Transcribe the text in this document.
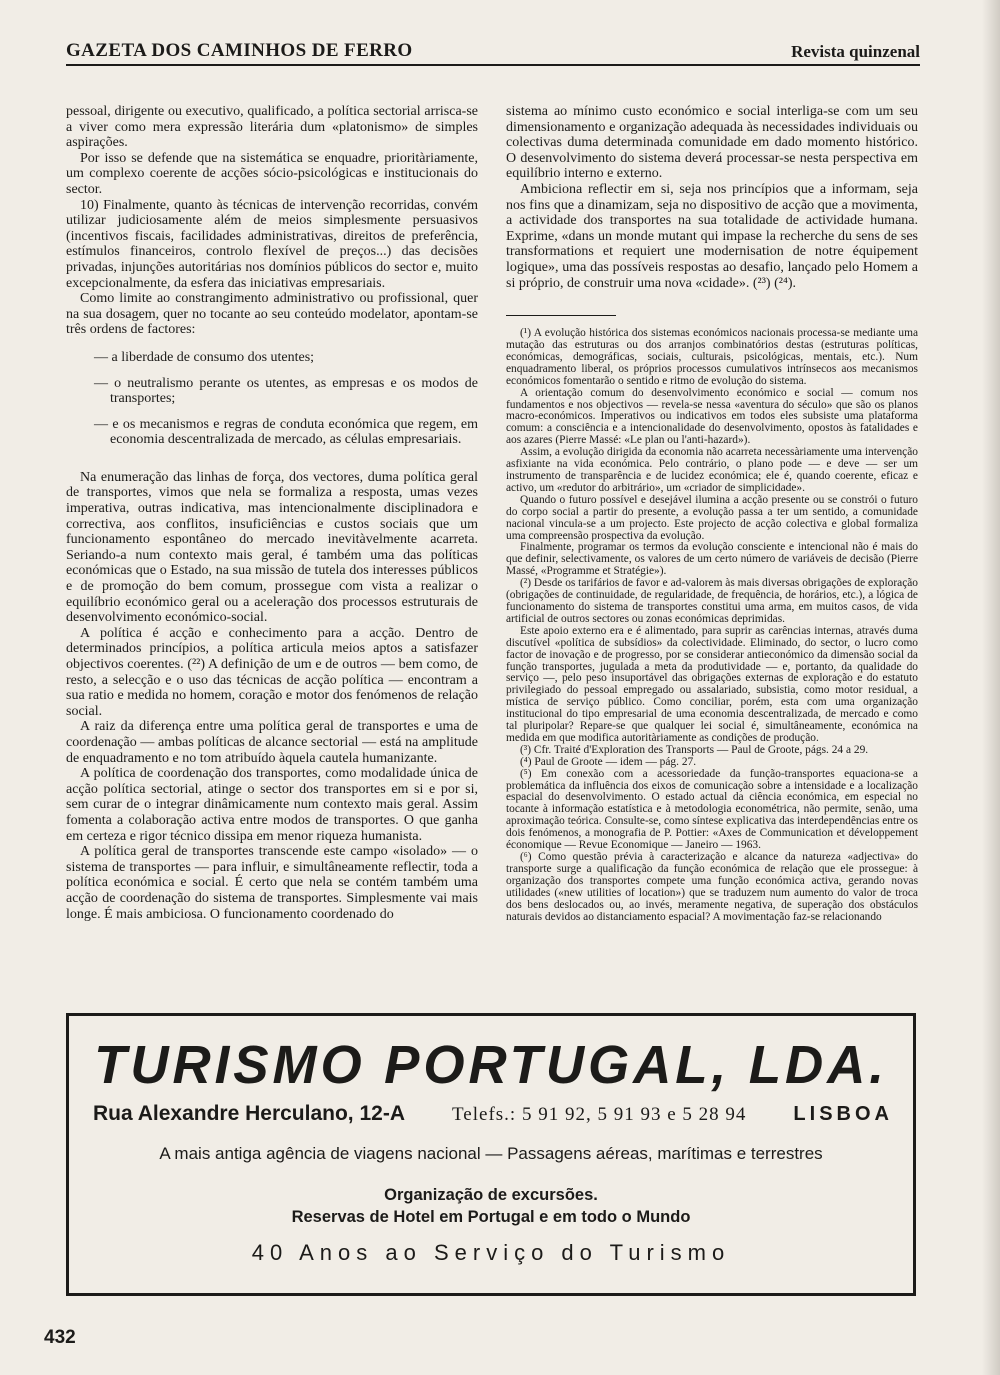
GAZETA DOS CAMINHOS DE FERRO	Revista quinzenal

pessoal, dirigente ou executivo, qualificado, a política sectorial arrisca-se a viver como mera expressão literária dum «platonismo» de simples aspirações.

Por isso se defende que na sistemática se enquadre, prioritàriamente, um complexo coerente de acções sócio-psicológicas e institucionais do sector.

10) Finalmente, quanto às técnicas de intervenção recorridas, convém utilizar judiciosamente além de meios simplesmente persuasivos (incentivos fiscais, facilidades administrativas, direitos de preferência, estímulos financeiros, controlo flexível de preços...) das decisões privadas, injunções autoritárias nos domínios públicos do sector e, muito excepcionalmente, da esfera das iniciativas empresariais.

Como limite ao constrangimento administrativo ou profissional, quer na sua dosagem, quer no tocante ao seu conteúdo modelator, apontam-se três ordens de factores:

— a liberdade de consumo dos utentes;
— o neutralismo perante os utentes, as empresas e os modos de transportes;
— e os mecanismos e regras de conduta económica que regem, em economia descentralizada de mercado, as células empresariais.

Na enumeração das linhas de força, dos vectores, duma política geral de transportes, vimos que nela se formaliza a resposta, umas vezes imperativa, outras indicativa, mas intencionalmente disciplinadora e correctiva, aos conflitos, insuficiências e custos sociais que um funcionamento espontâneo do mercado inevitàvelmente acarreta. Seriando-a num contexto mais geral, é também uma das políticas económicas que o Estado, na sua missão de tutela dos interesses públicos e de promoção do bem comum, prossegue com vista a realizar o equilíbrio económico geral ou a aceleração dos processos estruturais de desenvolvimento económico-social.

A política é acção e conhecimento para a acção. Dentro de determinados princípios, a política articula meios aptos a satisfazer objectivos coerentes. (²²) A definição de um e de outros — bem como, de resto, a selecção e o uso das técnicas de acção política — encontram a sua ratio e medida no homem, coração e motor dos fenómenos de relação social.

A raiz da diferença entre uma política geral de transportes e uma de coordenação — ambas políticas de alcance sectorial — está na amplitude de enquadramento e no tom atribuído àquela cautela humanizante.

A política de coordenação dos transportes, como modalidade única de acção política sectorial, atinge o sector dos transportes em si e por si, sem curar de o integrar dinâmicamente num contexto mais geral. Assim fomenta a colaboração activa entre modos de transportes. O que ganha em certeza e rigor técnico dissipa em menor riqueza humanista.

A política geral de transportes transcende este campo «isolado» — o sistema de transportes — para influir, e simultâneamente reflectir, toda a política económica e social. É certo que nela se contém também uma acção de coordenação do sistema de transportes. Simplesmente vai mais longe. É mais ambiciosa. O funcionamento coordenado do

sistema ao mínimo custo económico e social interliga-se com um seu dimensionamento e organização adequada às necessidades individuais ou colectivas duma determinada comunidade em dado momento histórico. O desenvolvimento do sistema deverá processar-se nesta perspectiva em equilíbrio interno e externo.

Ambiciona reflectir em si, seja nos princípios que a informam, seja nos fins que a dinamizam, seja no dispositivo de acção que a movimenta, a actividade dos transportes na sua totalidade de actividade humana. Exprime, «dans un monde mutant qui impase la recherche du sens de ses transformations et requiert une modernisation de notre équipement logique», uma das possíveis respostas ao desafio, lançado pelo Homem a si próprio, de construir uma nova «cidade». (²³) (²⁴).

(¹) A evolução histórica dos sistemas económicos nacionais processa-se mediante uma mutação das estruturas ou dos arranjos combinatórios destas (estruturas políticas, económicas, demográficas, sociais, culturais, psicológicas, mentais, etc.). Num enquadramento liberal, os próprios processos cumulativos intrínsecos aos mecanismos económicos fomentarão o sentido e ritmo de evolução do sistema.

A orientação comum do desenvolvimento económico e social — comum nos fundamentos e nos objectivos — revela-se nessa «aventura do século» que são os planos macro-económicos. Imperativos ou indicativos em todos eles subsiste uma plataforma comum: a consciência e a intencionalidade do desenvolvimento, opostos às fatalidades e aos azares (Pierre Massé: «Le plan ou l'anti-hazard»).

Assim, a evolução dirigida da economia não acarreta necessàriamente uma intervenção asfixiante na vida económica. Pelo contrário, o plano pode — e deve — ser um instrumento de transparência e de lucidez económica; ele é, quando coerente, eficaz e activo, um «redutor do arbitrário», um «criador de simplicidade».

Quando o futuro possível e desejável ilumina a acção presente ou se constrói o futuro do corpo social a partir do presente, a evolução passa a ter um sentido, a comunidade nacional vincula-se a um projecto. Este projecto de acção colectiva e global formaliza uma compreensão prospectiva da evolução.

Finalmente, programar os termos da evolução consciente e intencional não é mais do que definir, selectivamente, os valores de um certo número de variáveis de decisão (Pierre Massé, «Programme et Stratégie»).

(²) Desde os tarifários de favor e ad-valorem às mais diversas obrigações de exploração (obrigações de continuidade, de regularidade, de frequência, de horários, etc.), a lógica de funcionamento do sistema de transportes constitui uma arma, em muitos casos, de vida artificial de outros sectores ou zonas económicas deprimidas.

Este apoio externo era e é alimentado, para suprir as carências internas, através duma discutível «política de subsídios» da colectividade. Eliminado, do sector, o lucro como factor de inovação e de progresso, por se considerar antieconómico da dimensão social da função transportes, jugulada a meta da produtividade — e, portanto, da qualidade do serviço —, pelo peso insuportável das obrigações externas de exploração e do estatuto privilegiado do pessoal empregado ou assalariado, subsistia, como motor residual, a mística de serviço público. Como conciliar, porém, esta com uma organização institucional do tipo empresarial de uma economia descentralizada, de mercado e como tal pluripolar? Repare-se que qualquer lei social é, simultâneamente, económica na medida em que modifica autoritàriamente as condições de produção.

(³) Cfr. Traité d'Exploration des Transports — Paul de Groote, págs. 24 a 29.

(⁴) Paul de Groote — idem — pág. 27.

(⁵) Em conexão com a acessoriedade da função-transportes equaciona-se a problemática da influência dos eixos de comunicação sobre a intensidade e a localização espacial do desenvolvimento. O estado actual da ciência económica, em especial no tocante à informação estatística e à metodologia econométrica, não permite, senão, uma aproximação teórica. Consulte-se, como síntese explicativa das interdependências entre os dois fenómenos, a monografia de P. Pottier: «Axes de Communication et développement économique — Revue Economique — Janeiro — 1963.

(⁶) Como questão prévia à caracterização e alcance da natureza «adjectiva» do transporte surge a qualificação da função económica de relação que ele prossegue: à organização dos transportes compete uma função económica activa, gerando novas utilidades («new utilities of location») que se traduzem num aumento do valor de troca dos bens deslocados ou, ao invés, meramente negativa, de superação dos obstáculos naturais devidos ao distanciamento espacial? A movimentação faz-se relacionando

TURISMO PORTUGAL, LDA.
Rua Alexandre Herculano, 12-A Telefs.: 5 91 92, 5 91 93 e 5 28 94 LISBOA
A mais antiga agência de viagens nacional — Passagens aéreas, marítimas e terrestres
Organização de excursões.
Reservas de Hotel em Portugal e em todo o Mundo
40 Anos ao Serviço do Turismo
432
